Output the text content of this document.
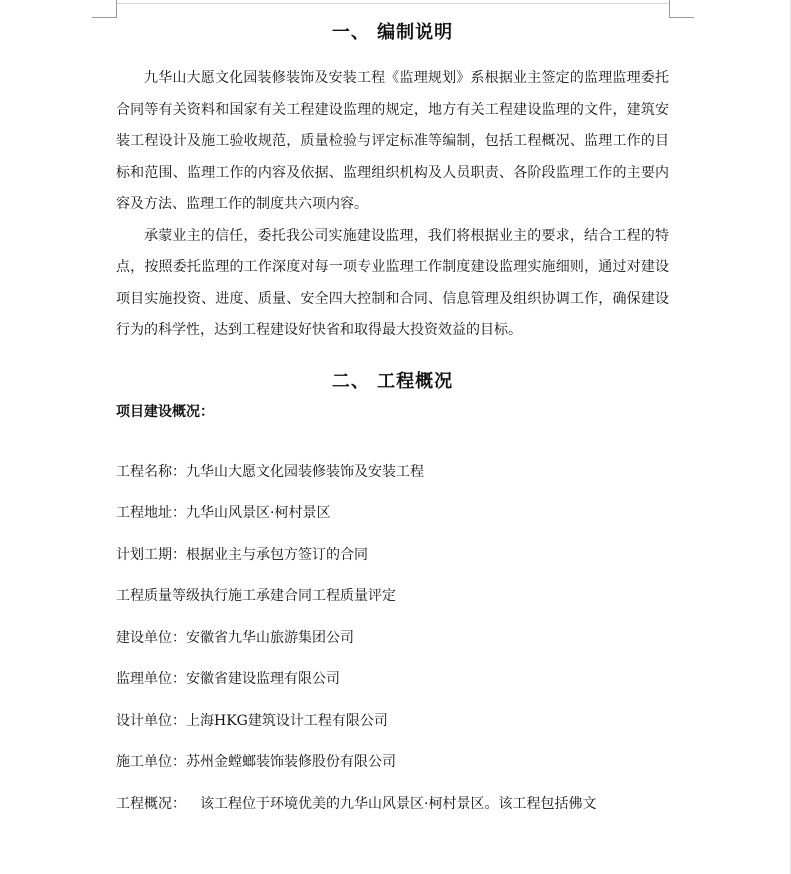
一、 编制说明

九华山大愿文化园装修装饰及安装工程《监理规划》系根据业主签定的监理监理委托合同等有关资料和国家有关工程建设监理的规定，地方有关工程建设监理的文件，建筑安装工程设计及施工验收规范，质量检验与评定标准等编制，包括工程概况、监理工作的目标和范围、监理工作的内容及依据、监理组织机构及人员职责、各阶段监理工作的主要内容及方法、监理工作的制度共六项内容。

承蒙业主的信任，委托我公司实施建设监理，我们将根据业主的要求，结合工程的特点，按照委托监理的工作深度对每一项专业监理工作制度建设监理实施细则，通过对建设项目实施投资、进度、质量、安全四大控制和合同、信息管理及组织协调工作，确保建设行为的科学性，达到工程建设好快省和取得最大投资效益的目标。

二、 工程概况

项目建设概况：

工程名称：九华山大愿文化园装修装饰及安装工程
工程地址：九华山风景区·柯村景区
计划工期：根据业主与承包方签订的合同
工程质量等级执行施工承建合同工程质量评定
建设单位：安徽省九华山旅游集团公司
监理单位：安徽省建设监理有限公司
设计单位：上海HKG建筑设计工程有限公司
施工单位：苏州金螳螂装饰装修股份有限公司
工程概况： 该工程位于环境优美的九华山风景区·柯村景区。该工程包括佛文
